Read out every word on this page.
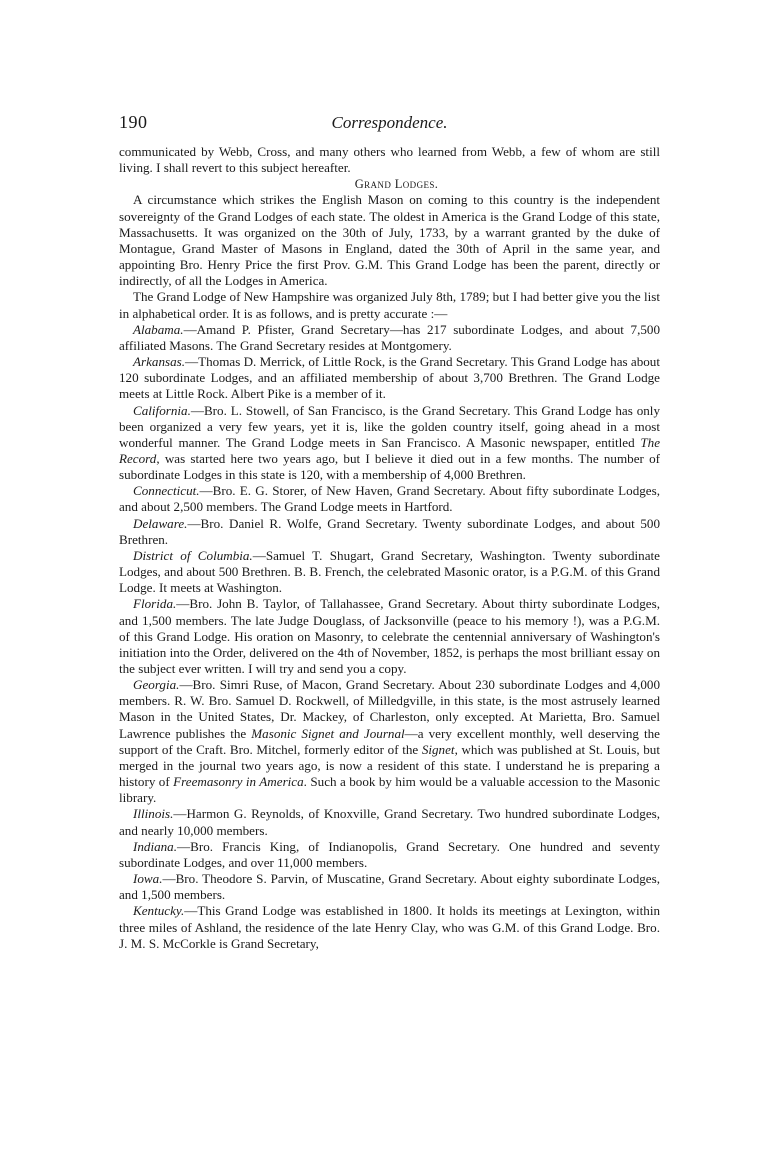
190	Correspondence.

communicated by Webb, Cross, and many others who learned from Webb, a few of whom are still living. I shall revert to this subject hereafter.

Grand Lodges.

A circumstance which strikes the English Mason on coming to this country is the independent sovereignty of the Grand Lodges of each state. The oldest in America is the Grand Lodge of this state, Massachusetts. It was organized on the 30th of July, 1733, by a warrant granted by the duke of Montague, Grand Master of Masons in England, dated the 30th of April in the same year, and appointing Bro. Henry Price the first Prov. G.M. This Grand Lodge has been the parent, directly or indirectly, of all the Lodges in America.

The Grand Lodge of New Hampshire was organized July 8th, 1789; but I had better give you the list in alphabetical order. It is as follows, and is pretty accurate :—

Alabama.—Amand P. Pfister, Grand Secretary—has 217 subordinate Lodges, and about 7,500 affiliated Masons. The Grand Secretary resides at Montgomery.

Arkansas.—Thomas D. Merrick, of Little Rock, is the Grand Secretary. This Grand Lodge has about 120 subordinate Lodges, and an affiliated membership of about 3,700 Brethren. The Grand Lodge meets at Little Rock. Albert Pike is a member of it.

California.—Bro. L. Stowell, of San Francisco, is the Grand Secretary. This Grand Lodge has only been organized a very few years, yet it is, like the golden country itself, going ahead in a most wonderful manner. The Grand Lodge meets in San Francisco. A Masonic newspaper, entitled The Record, was started here two years ago, but I believe it died out in a few months. The number of subordinate Lodges in this state is 120, with a membership of 4,000 Brethren.

Connecticut.—Bro. E. G. Storer, of New Haven, Grand Secretary. About fifty subordinate Lodges, and about 2,500 members. The Grand Lodge meets in Hartford.

Delaware.—Bro. Daniel R. Wolfe, Grand Secretary. Twenty subordinate Lodges, and about 500 Brethren.

District of Columbia.—Samuel T. Shugart, Grand Secretary, Washington. Twenty subordinate Lodges, and about 500 Brethren. B. B. French, the celebrated Masonic orator, is a P.G.M. of this Grand Lodge. It meets at Washington.

Florida.—Bro. John B. Taylor, of Tallahassee, Grand Secretary. About thirty subordinate Lodges, and 1,500 members. The late Judge Douglass, of Jacksonville (peace to his memory !), was a P.G.M. of this Grand Lodge. His oration on Masonry, to celebrate the centennial anniversary of Washington's initiation into the Order, delivered on the 4th of November, 1852, is perhaps the most brilliant essay on the subject ever written. I will try and send you a copy.

Georgia.—Bro. Simri Ruse, of Macon, Grand Secretary. About 230 subordinate Lodges and 4,000 members. R. W. Bro. Samuel D. Rockwell, of Milledgville, in this state, is the most astrusely learned Mason in the United States, Dr. Mackey, of Charleston, only excepted. At Marietta, Bro. Samuel Lawrence publishes the Masonic Signet and Journal—a very excellent monthly, well deserving the support of the Craft. Bro. Mitchel, formerly editor of the Signet, which was published at St. Louis, but merged in the journal two years ago, is now a resident of this state. I understand he is preparing a history of Freemasonry in America. Such a book by him would be a valuable accession to the Masonic library.

Illinois.—Harmon G. Reynolds, of Knoxville, Grand Secretary. Two hundred subordinate Lodges, and nearly 10,000 members.

Indiana.—Bro. Francis King, of Indianopolis, Grand Secretary. One hundred and seventy subordinate Lodges, and over 11,000 members.

Iowa.—Bro. Theodore S. Parvin, of Muscatine, Grand Secretary. About eighty subordinate Lodges, and 1,500 members.

Kentucky.—This Grand Lodge was established in 1800. It holds its meetings at Lexington, within three miles of Ashland, the residence of the late Henry Clay, who was G.M. of this Grand Lodge. Bro. J. M. S. McCorkle is Grand Secretary,
